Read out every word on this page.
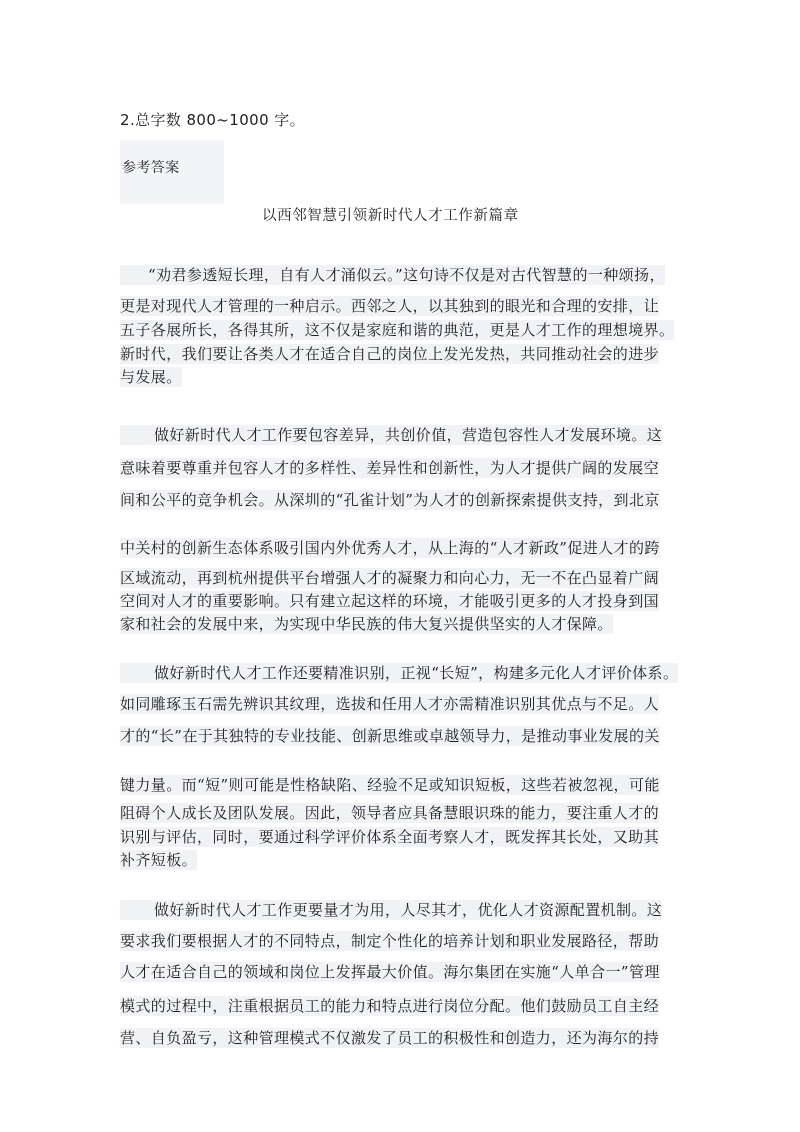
2.总字数 800~1000 字。
参考答案
以西邻智慧引领新时代人才工作新篇章
“劝君参透短长理，自有人才涌似云。”这句诗不仅是对古代智慧的一种颂扬，
更是对现代人才管理的一种启示。西邻之人，以其独到的眼光和合理的安排，让
五子各展所长，各得其所，这不仅是家庭和谐的典范，更是人才工作的理想境界。
新时代，我们要让各类人才在适合自己的岗位上发光发热，共同推动社会的进步
与发展。
做好新时代人才工作要包容差异，共创价值，营造包容性人才发展环境。这
意味着要尊重并包容人才的多样性、差异性和创新性，为人才提供广阔的发展空
间和公平的竞争机会。从深圳的“孔雀计划”为人才的创新探索提供支持，到北京
中关村的创新生态体系吸引国内外优秀人才，从上海的“人才新政”促进人才的跨
区域流动，再到杭州提供平台增强人才的凝聚力和向心力，无一不在凸显着广阔
空间对人才的重要影响。只有建立起这样的环境，才能吸引更多的人才投身到国
家和社会的发展中来，为实现中华民族的伟大复兴提供坚实的人才保障。
做好新时代人才工作还要精准识别，正视“长短”，构建多元化人才评价体系。
如同雕琢玉石需先辨识其纹理，选拔和任用人才亦需精准识别其优点与不足。人
才的“长”在于其独特的专业技能、创新思维或卓越领导力，是推动事业发展的关
键力量。而“短”则可能是性格缺陷、经验不足或知识短板，这些若被忽视，可能
阻碍个人成长及团队发展。因此，领导者应具备慧眼识珠的能力，要注重人才的
识别与评估，同时，要通过科学评价体系全面考察人才，既发挥其长处，又助其
补齐短板。
做好新时代人才工作更要量才为用，人尽其才，优化人才资源配置机制。这
要求我们要根据人才的不同特点，制定个性化的培养计划和职业发展路径，帮助
人才在适合自己的领域和岗位上发挥最大价值。海尔集团在实施“人单合一”管理
模式的过程中，注重根据员工的能力和特点进行岗位分配。他们鼓励员工自主经
营、自负盈亏，这种管理模式不仅激发了员工的积极性和创造力，还为海尔的持
